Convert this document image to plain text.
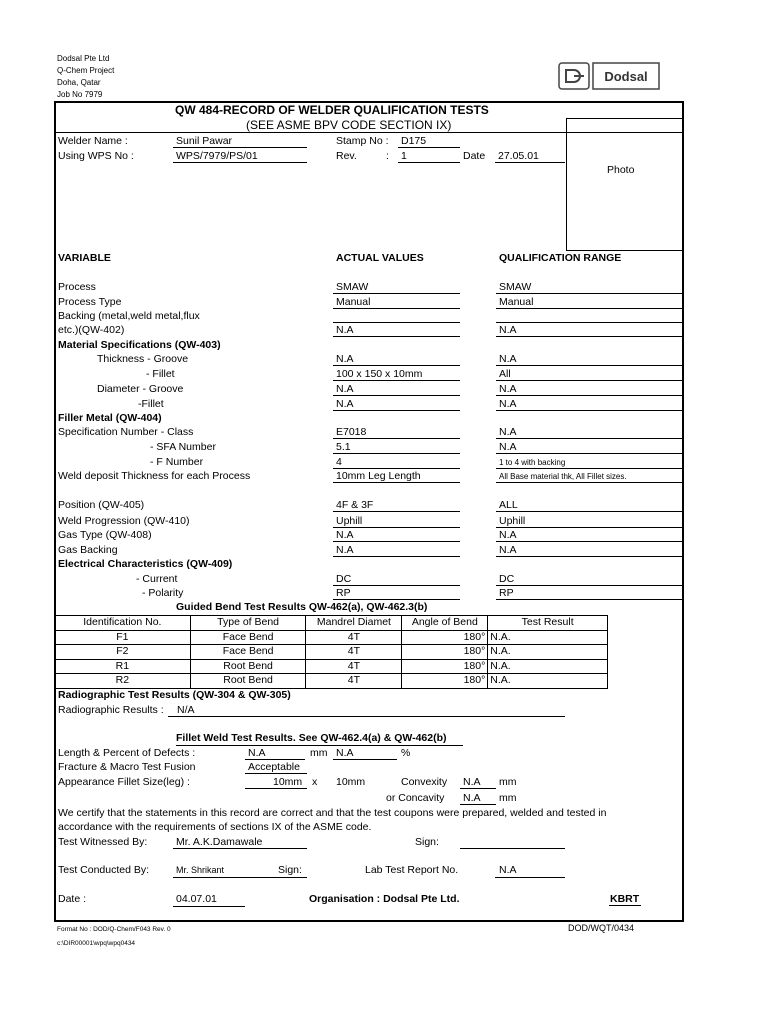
Dodsal Pte Ltd
Q-Chem Project
Doha, Qatar
Job No 7979
Dodsal
QW 484-RECORD OF WELDER QUALIFICATION TESTS
(SEE ASME BPV CODE SECTION IX)
Photo
Welder Name :	Sunil Pawar
Using WPS No :	WPS/7979/PS/01
Stamp No : D175
Rev.	: 1	Date 27.05.01
VARIABLE	ACTUAL VALUES	QUALIFICATION RANGE
Process	SMAW	SMAW
Process Type	Manual	Manual
Backing (metal,weld metal,flux
etc.)(QW-402)	N.A	N.A
Material Specifications (QW-403)
Thickness - Groove	N.A	N.A
- Fillet	100 x 150 x 10mm	All
Diameter - Groove	N.A	N.A
-Fillet	N.A	N.A
Filler Metal (QW-404)
Specification Number - Class	E7018	N.A
- SFA Number	5.1	N.A
- F Number	4	1 to 4 with backing
Weld deposit Thickness for each Process	10mm Leg Length	All Base material thk, All Fillet sizes.
Position (QW-405)	4F & 3F	ALL
Weld Progression (QW-410)	Uphill	Uphill
Gas Type (QW-408)	N.A	N.A
Gas Backing	N.A	N.A
Electrical Characteristics (QW-409)
- Current	DC	DC
- Polarity	RP	RP
Guided Bend Test Results QW-462(a), QW-462.3(b)
Identification No.	Type of Bend	Mandrel Diamet	Angle of Bend	Test Result
F1	Face Bend	4T	180°	N.A.
F2	Face Bend	4T	180°	N.A.
R1	Root Bend	4T	180°	N.A.
R2	Root Bend	4T	180°	N.A.
Radiographic Test Results (QW-304 & QW-305)
Radiographic Results : N/A
Fillet Weld Test Results. See QW-462.4(a) & QW-462(b)
Length & Percent of Defects :	N.A	mm N.A	%
Fracture & Macro Test Fusion	Acceptable
Appearance Fillet Size(leg) :	10mm x 10mm	Convexity N.A mm
or Concavity N.A mm
We certify that the statements in this record are correct and that the test coupons were prepared, welded and tested in
accordance with the requirements of sections IX of the ASME code.
Test Witnessed By:	Mr. A.K.Damawale	Sign:
Test Conducted By:	Mr. Shrikant	Sign:	Lab Test Report No.	N.A
Date :	04.07.01	Organisation : Dodsal Pte Ltd.	KBRT
Format No : DOD/Q-Chem/F043 Rev. 0
c:\DIR00001\wpq\wpq0434
DOD/WQT/0434
